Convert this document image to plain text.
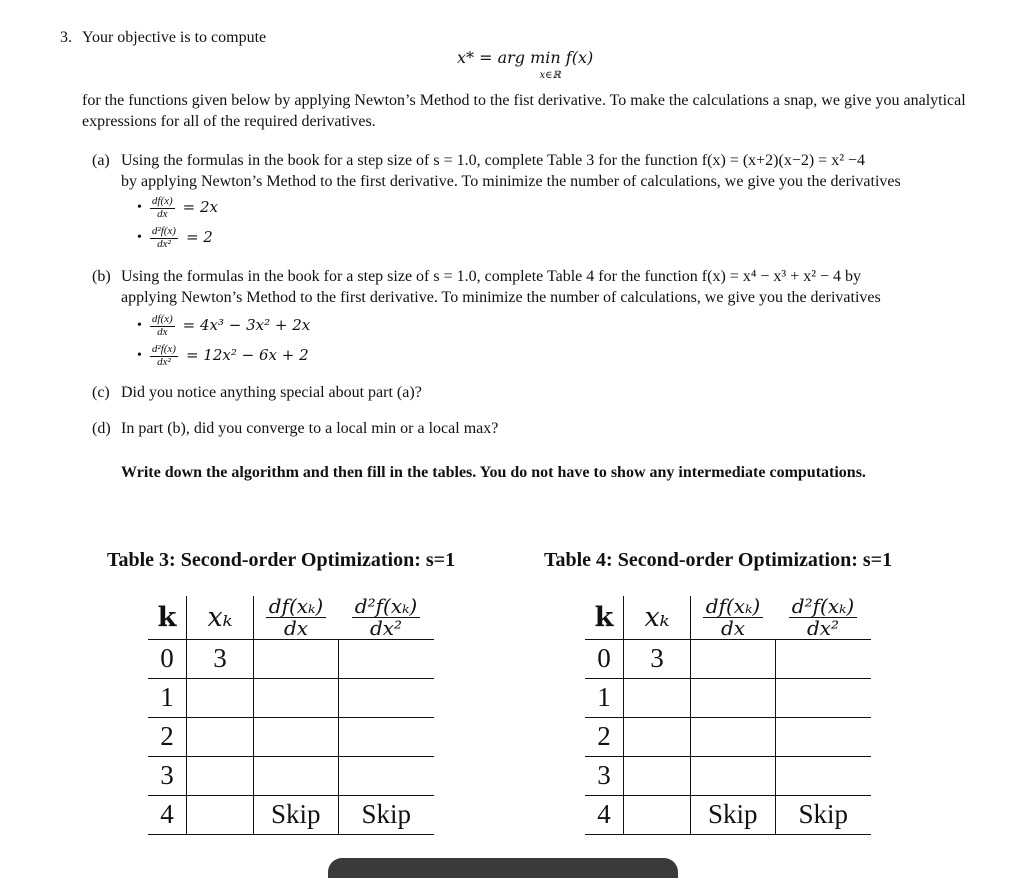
3. Your objective is to compute
x* = arg min f(x)
x∈ℝ
for the functions given below by applying Newton’s Method to the fist derivative. To make the calculations a snap, we give you analytical expressions for all of the required derivatives.
(a) Using the formulas in the book for a step size of s = 1.0, complete Table 3 for the function f(x) = (x+2)(x−2) = x² −4
by applying Newton’s Method to the first derivative. To minimize the number of calculations, we give you the derivatives
• $\frac{df(x)}{dx} = 2x$
• $\frac{\text{d²f(x)}}{\text{dx²}} = 2$
(b) Using the formulas in the book for a step size of s = 1.0, complete Table 4 for the function f(x) = x⁴ − x³ + x² − 4 by
applying Newton’s Method to the first derivative. To minimize the number of calculations, we give you the derivatives
• $\frac{df(x)}{dx} = 4x^3 - 3x^2 + 2x$
• $\frac{\text{d²f(x)}}{\text{dx²}} = 12x^2 - 6x + 2$
(c) Did you notice anything special about part (a)?
(d) In part (b), did you converge to a local min or a local max?
Write down the algorithm and then fill in the tables. You do not have to show any intermediate computations.
Table 3: Second-order Optimization: s=1
k	xₖ	$\frac{\text{df(xₖ)}}{dx}$	$\frac{\text{d²f(xₖ)}}{\text{dx²}}$

0	3		
1			
2			
3			
4		Skip	Skip
Table 4: Second-order Optimization: s=1
k	xₖ	$\frac{\text{df(xₖ)}}{dx}$	$\frac{\text{d²f(xₖ)}}{\text{dx²}}$

0	3		
1			
2			
3			
4		Skip	Skip
